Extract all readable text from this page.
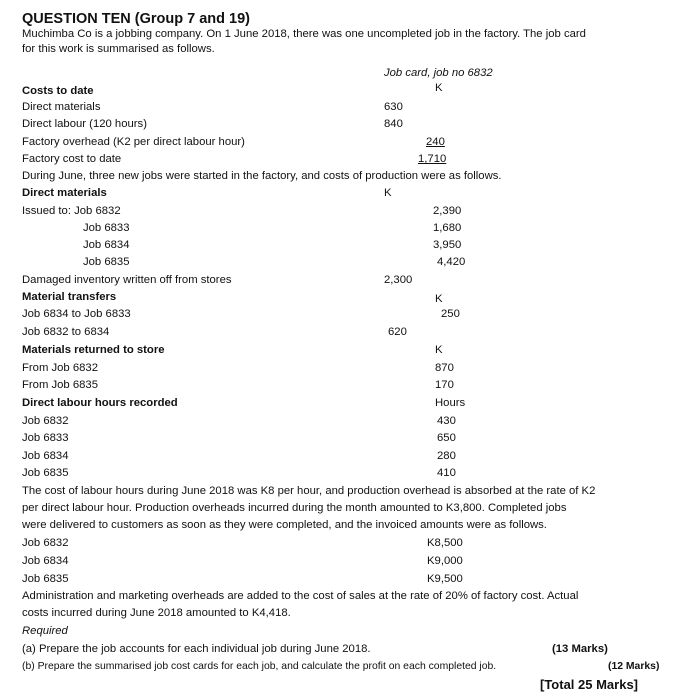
QUESTION TEN (Group 7 and 19)
Muchimba Co is a jobbing company. On 1 June 2018, there was one uncompleted job in the factory. The job card
for this work is summarised as follows.
Job card, job no 6832
K
Costs to date
Direct materials	630
Direct labour (120 hours)	840
Factory overhead (K2 per direct labour hour)	240
Factory cost to date	1,710
During June, three new jobs were started in the factory, and costs of production were as follows.
Direct materials	K
Issued to: Job 6832	2,390
Job 6833	1,680
Job 6834	3,950
Job 6835	4,420
Damaged inventory written off from stores	2,300
Material transfers	K
Job 6834 to Job 6833	250
Job 6832 to 6834	620
Materials returned to store	K
From Job 6832	870
From Job 6835	170
Direct labour hours recorded	Hours
Job 6832	430
Job 6833	650
Job 6834	280
Job 6835	410
The cost of labour hours during June 2018 was K8 per hour, and production overhead is absorbed at the rate of K2
per direct labour hour. Production overheads incurred during the month amounted to K3,800. Completed jobs
were delivered to customers as soon as they were completed, and the invoiced amounts were as follows.
Job 6832	K8,500
Job 6834	K9,000
Job 6835	K9,500
Administration and marketing overheads are added to the cost of sales at the rate of 20% of factory cost. Actual
costs incurred during June 2018 amounted to K4,418.
Required
(a) Prepare the job accounts for each individual job during June 2018.	(13 Marks)
(b) Prepare the summarised job cost cards for each job, and calculate the profit on each completed job.	(12 Marks)
[Total 25 Marks]
